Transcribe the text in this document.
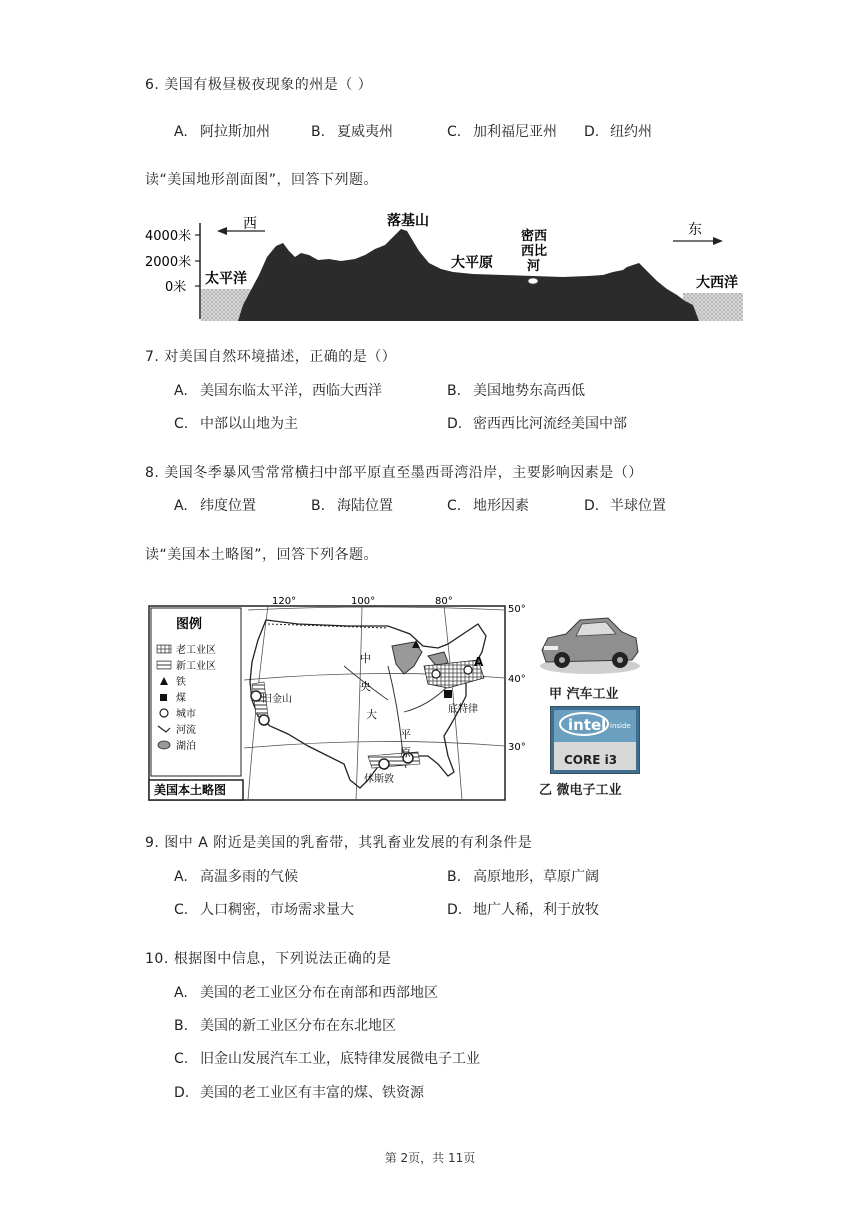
6. 美国有极昼极夜现象的州是（ ）
A. 阿拉斯加州	B. 夏威夷州	C. 加利福尼亚州 D. 纽约州
读“美国地形剖面图”，回答下列题。
4000米
2000米
0米
西	东
落基山
大平原
密西
西比
河
太平洋	大西洋
7. 对美国自然环境描述，正确的是（）
A. 美国东临太平洋，西临大西洋	B. 美国地势东高西低
C. 中部以山地为主	D. 密西西比河流经美国中部
8. 美国冬季暴风雪常常横扫中部平原直至墨西哥湾沿岸，主要影响因素是（）
A. 纬度位置	B. 海陆位置	C. 地形因素	D. 半球位置
读“美国本土略图”，回答下列各题。
120°	100°	80°
50°
40°
30°
旧金山
底特律
休斯敦
中
央
大
平
原
A
图例
老工业区
新工业区
铁
煤
城市
河流
湖泊
美国本土略图
甲 汽车工业
intel inside
CORE i3
乙 微电子工业
9. 图中 A 附近是美国的乳畜带，其乳畜业发展的有利条件是
A. 高温多雨的气候	B. 高原地形，草原广阔
C. 人口稠密，市场需求量大	D. 地广人稀，利于放牧
10. 根据图中信息，下列说法正确的是
A. 美国的老工业区分布在南部和西部地区
B. 美国的新工业区分布在东北地区
C. 旧金山发展汽车工业，底特律发展微电子工业
D. 美国的老工业区有丰富的煤、铁资源
第 2页，共 11页
